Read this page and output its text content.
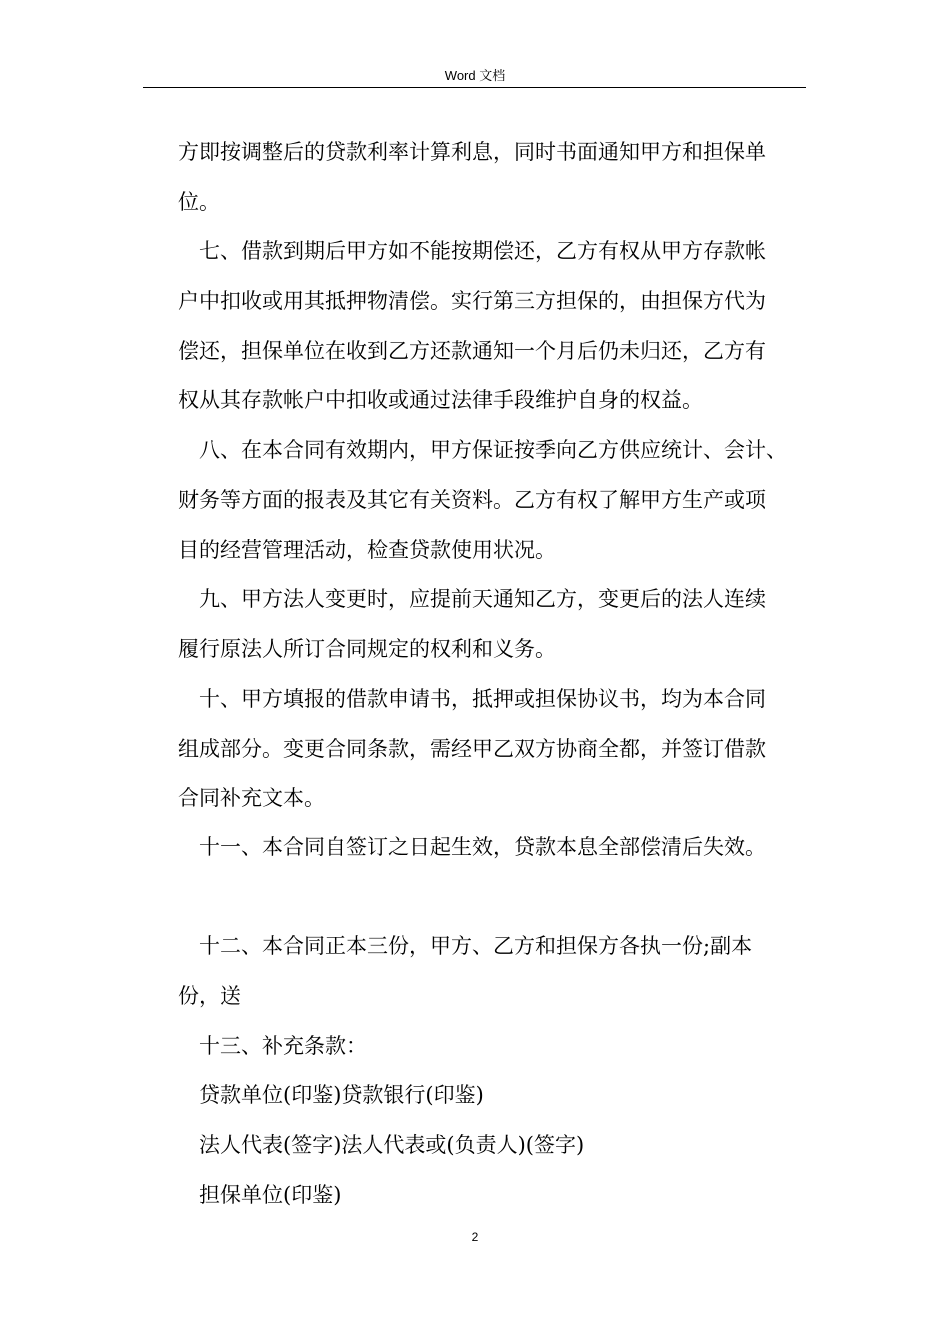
Word 文档
方即按调整后的贷款利率计算利息，同时书面通知甲方和担保单
位。
七、借款到期后甲方如不能按期偿还，乙方有权从甲方存款帐
户中扣收或用其抵押物清偿。实行第三方担保的，由担保方代为
偿还，担保单位在收到乙方还款通知一个月后仍未归还，乙方有
权从其存款帐户中扣收或通过法律手段维护自身的权益。
八、在本合同有效期内，甲方保证按季向乙方供应统计、会计、
财务等方面的报表及其它有关资料。乙方有权了解甲方生产或项
目的经营管理活动，检查贷款使用状况。
九、甲方法人变更时，应提前天通知乙方，变更后的法人连续
履行原法人所订合同规定的权利和义务。
十、甲方填报的借款申请书，抵押或担保协议书，均为本合同
组成部分。变更合同条款，需经甲乙双方协商全都，并签订借款
合同补充文本。
十一、本合同自签订之日起生效，贷款本息全部偿清后失效。
十二、本合同正本三份，甲方、乙方和担保方各执一份;副本
份，送
十三、补充条款：
贷款单位(印鉴)贷款银行(印鉴)
法人代表(签字)法人代表或(负责人)(签字)
担保单位(印鉴)
2
